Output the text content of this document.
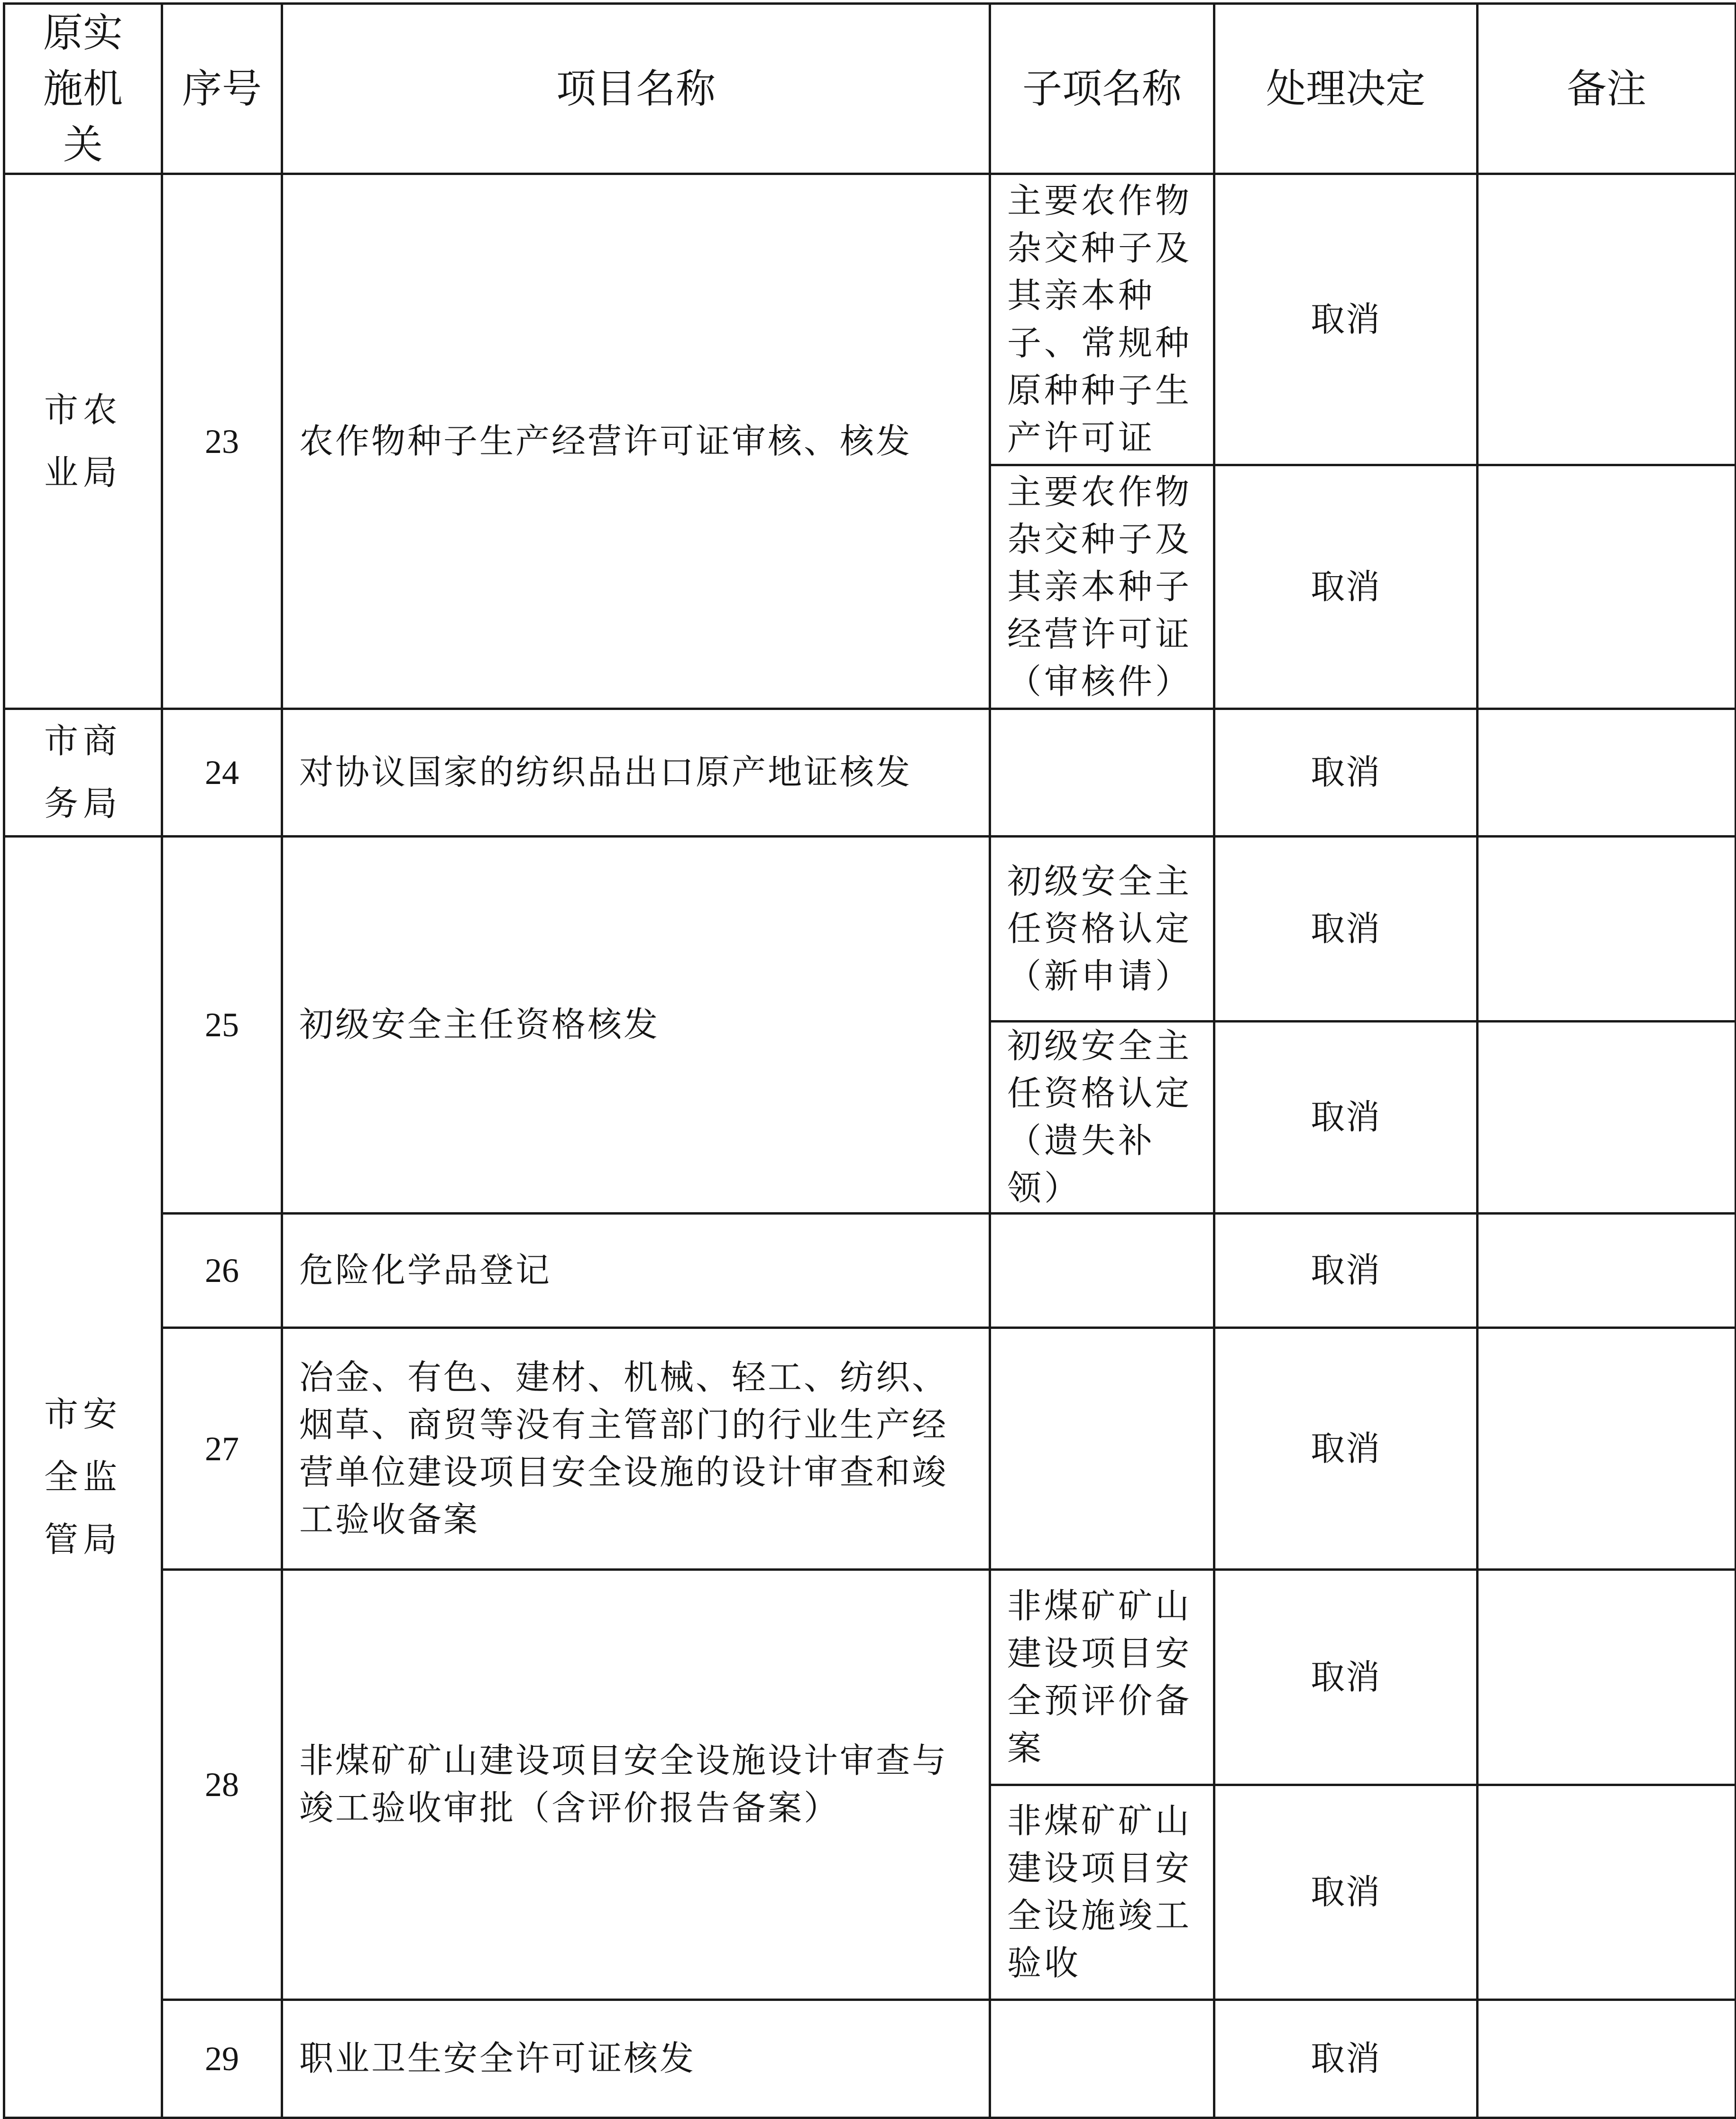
原实施机关	序号	项目名称	子项名称	处理决定	备注
市农业局	23	农作物种子生产经营许可证审核、核发	主要农作物杂交种子及其亲本种子、常规种原种种子生产许可证	取消	

			主要农作物杂交种子及其亲本种子经营许可证（审核件）	取消	
市商务局	24	对协议国家的纺织品出口原产地证核发		取消	
市安全监管局	25	初级安全主任资格核发	初级安全主任资格认定（新申请）	取消	

			初级安全主任资格认定（遗失补领）	取消	
	26	危险化学品登记		取消	
	27	冶金、有色、建材、机械、轻工、纺织、烟草、商贸等没有主管部门的行业生产经营单位建设项目安全设施的设计审查和竣工验收备案		取消	
	28	非煤矿矿山建设项目安全设施设计审查与竣工验收审批（含评价报告备案）	非煤矿矿山建设项目安全预评价备案	取消	

			非煤矿矿山建设项目安全设施竣工验收	取消	
	29	职业卫生安全许可证核发		取消	
